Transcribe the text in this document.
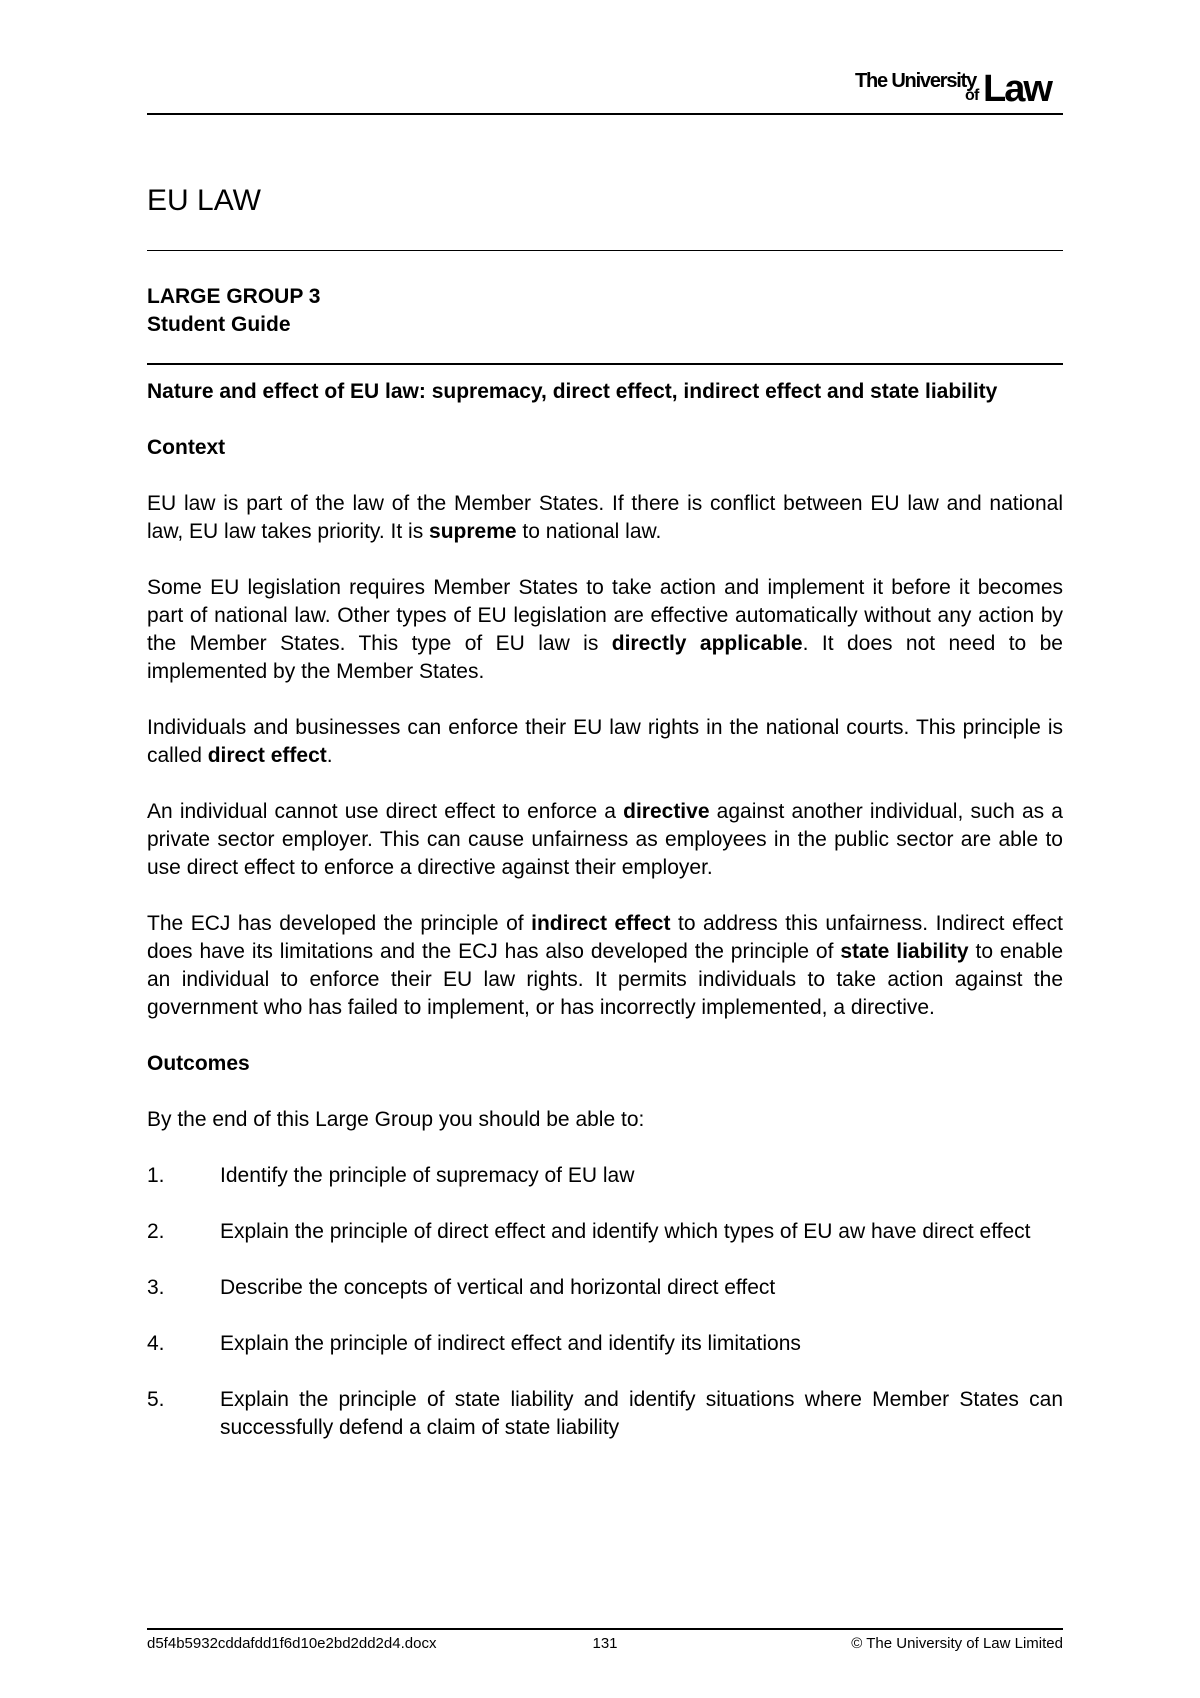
The University
of Law
EU LAW
LARGE GROUP 3
Student Guide

Nature and effect of EU law: supremacy, direct effect, indirect effect and state liability

Context

EU law is part of the law of the Member States. If there is conflict between EU law and national law, EU law takes priority. It is supreme to national law.

Some EU legislation requires Member States to take action and implement it before it becomes part of national law. Other types of EU legislation are effective automatically without any action by the Member States. This type of EU law is directly applicable. It does not need to be implemented by the Member States.

Individuals and businesses can enforce their EU law rights in the national courts. This principle is called direct effect.

An individual cannot use direct effect to enforce a directive against another individual, such as a private sector employer. This can cause unfairness as employees in the public sector are able to use direct effect to enforce a directive against their employer.

The ECJ has developed the principle of indirect effect to address this unfairness. Indirect effect does have its limitations and the ECJ has also developed the principle of state liability to enable an individual to enforce their EU law rights. It permits individuals to take action against the government who has failed to implement, or has incorrectly implemented, a directive.

Outcomes

By the end of this Large Group you should be able to:

1.	Identify the principle of supremacy of EU law
2.	Explain the principle of direct effect and identify which types of EU aw have direct effect
3.	Describe the concepts of vertical and horizontal direct effect
4.	Explain the principle of indirect effect and identify its limitations
5.	Explain the principle of state liability and identify situations where Member States can successfully defend a claim of state liability
d5f4b5932cddafdd1f6d10e2bd2dd2d4.docx	131	© The University of Law Limited
